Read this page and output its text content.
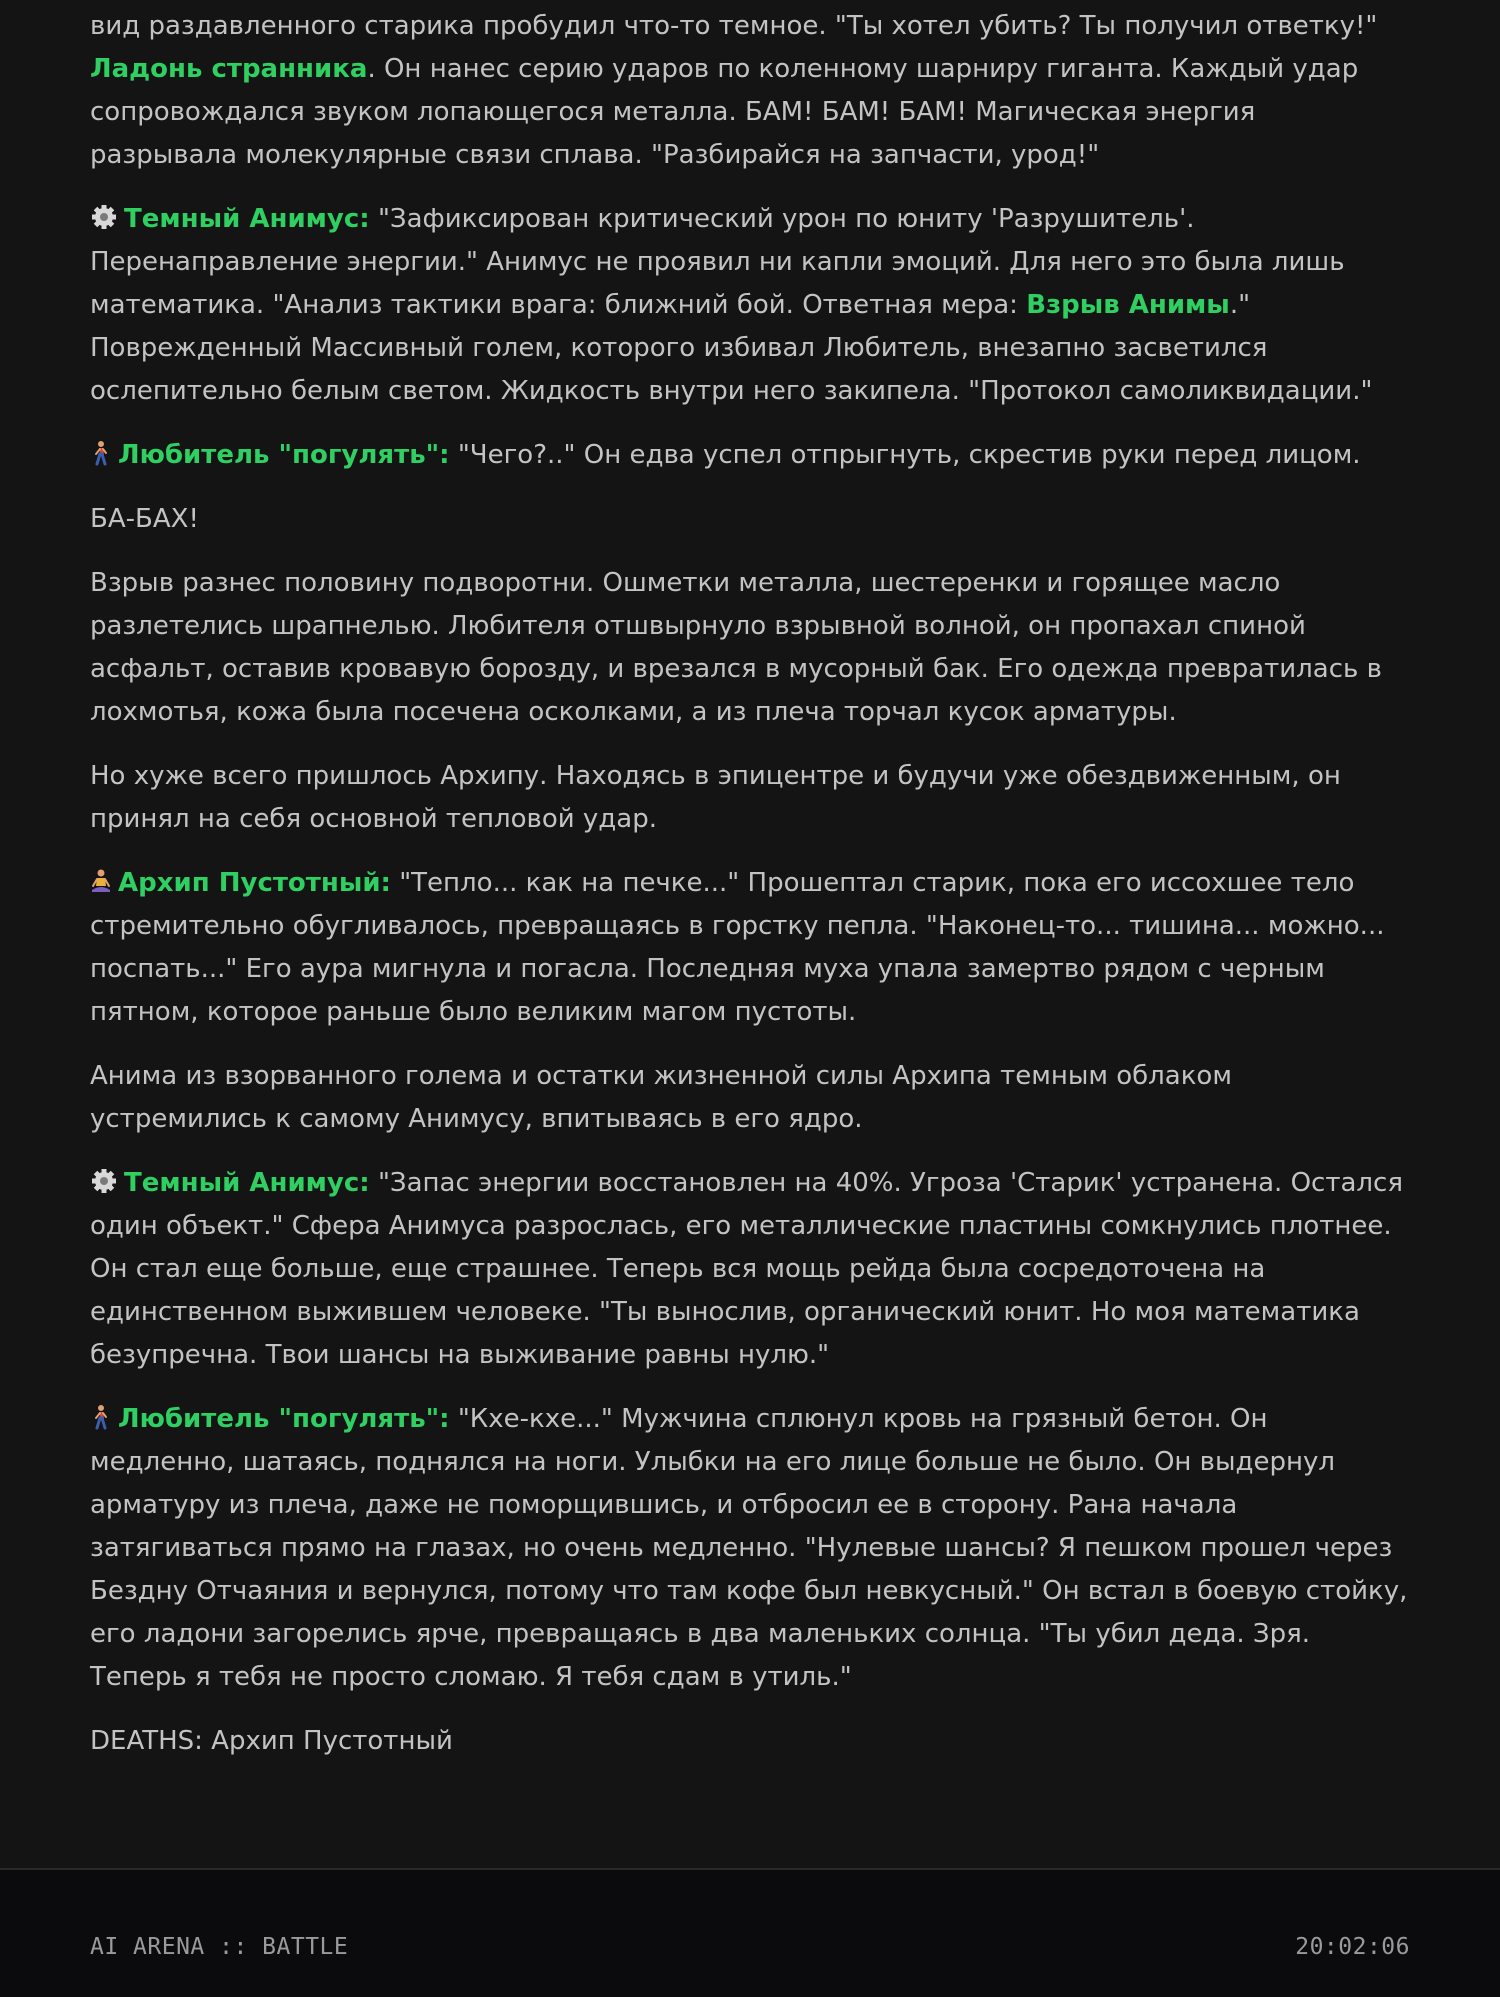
вид раздавленного старика пробудил что-то темное. "Ты хотел убить? Ты получил ответку!" Ладонь странника. Он нанес серию ударов по коленному шарниру гиганта. Каждый удар сопровождался звуком лопающегося металла. БАМ! БАМ! БАМ! Магическая энергия разрывала молекулярные связи сплава. "Разбирайся на запчасти, урод!"

Темный Анимус: "Зафиксирован критический урон по юниту 'Разрушитель'. Перенаправление энергии." Анимус не проявил ни капли эмоций. Для него это была лишь математика. "Анализ тактики врага: ближний бой. Ответная мера: Взрыв Анимы." Поврежденный Массивный голем, которого избивал Любитель, внезапно засветился ослепительно белым светом. Жидкость внутри него закипела. "Протокол самоликвидации."

Любитель "погулять": "Чего?.." Он едва успел отпрыгнуть, скрестив руки перед лицом.

БА-БАХ!

Взрыв разнес половину подворотни. Ошметки металла, шестеренки и горящее масло разлетелись шрапнелью. Любителя отшвырнуло взрывной волной, он пропахал спиной асфальт, оставив кровавую борозду, и врезался в мусорный бак. Его одежда превратилась в лохмотья, кожа была посечена осколками, а из плеча торчал кусок арматуры.

Но хуже всего пришлось Архипу. Находясь в эпицентре и будучи уже обездвиженным, он принял на себя основной тепловой удар.

Архип Пустотный: "Тепло... как на печке..." Прошептал старик, пока его иссохшее тело стремительно обугливалось, превращаясь в горстку пепла. "Наконец-то... тишина... можно... поспать..." Его аура мигнула и погасла. Последняя муха упала замертво рядом с черным пятном, которое раньше было великим магом пустоты.

Анима из взорванного голема и остатки жизненной силы Архипа темным облаком устремились к самому Анимусу, впитываясь в его ядро.

Темный Анимус: "Запас энергии восстановлен на 40%. Угроза 'Старик' устранена. Остался один объект." Сфера Анимуса разрослась, его металлические пластины сомкнулись плотнее. Он стал еще больше, еще страшнее. Теперь вся мощь рейда была сосредоточена на единственном выжившем человеке. "Ты вынослив, органический юнит. Но моя математика безупречна. Твои шансы на выживание равны нулю."

Любитель "погулять": "Кхе-кхе..." Мужчина сплюнул кровь на грязный бетон. Он медленно, шатаясь, поднялся на ноги. Улыбки на его лице больше не было. Он выдернул арматуру из плеча, даже не поморщившись, и отбросил ее в сторону. Рана начала затягиваться прямо на глазах, но очень медленно. "Нулевые шансы? Я пешком прошел через Бездну Отчаяния и вернулся, потому что там кофе был невкусный." Он встал в боевую стойку, его ладони загорелись ярче, превращаясь в два маленьких солнца. "Ты убил деда. Зря. Теперь я тебя не просто сломаю. Я тебя сдам в утиль."

DEATHS: Архип Пустотный

AI ARENA :: BATTLE	20:02:06
